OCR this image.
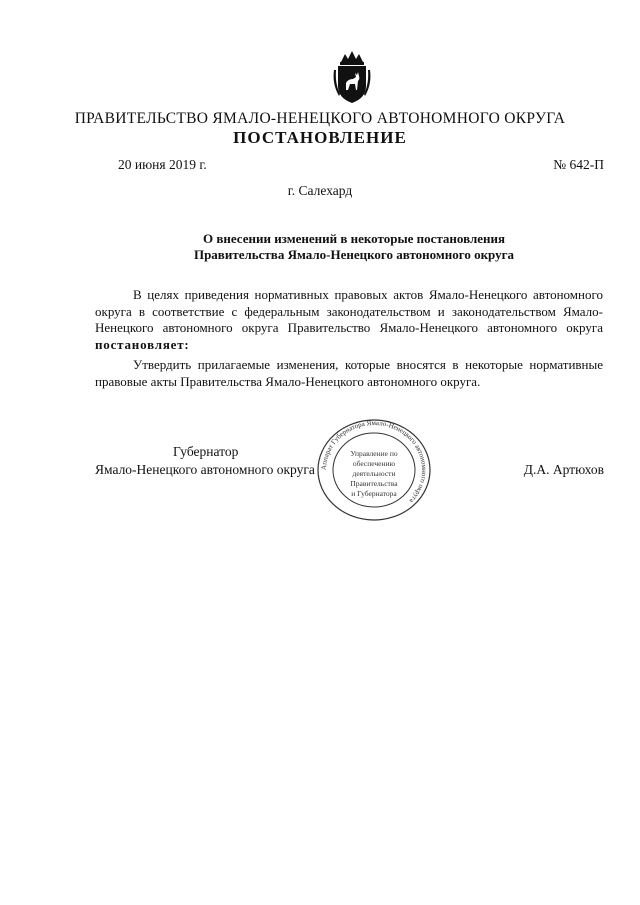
ПРАВИТЕЛЬСТВО ЯМАЛО-НЕНЕЦКОГО АВТОНОМНОГО ОКРУГА
ПОСТАНОВЛЕНИЕ
20 июня 2019 г.	№ 642-П
г. Салехард
О внесении изменений в некоторые постановления
Правительства Ямало-Ненецкого автономного округа
В целях приведения нормативных правовых актов Ямало-Ненецкого автономного округа в соответствие с федеральным законодательством и законодательством Ямало-Ненецкого автономного округа Правительство Ямало-Ненецкого автономного округа постановляет:
Утвердить прилагаемые изменения, которые вносятся в некоторые нормативные правовые акты Правительства Ямало-Ненецкого автономного округа.
Губернатор
Ямало-Ненецкого автономного округа	Д.А. Артюхов
Аппарат Губернатора Ямало-Ненецкого автономного округа
Управление по
обеспечению
деятельности
Правительства
и Губернатора
